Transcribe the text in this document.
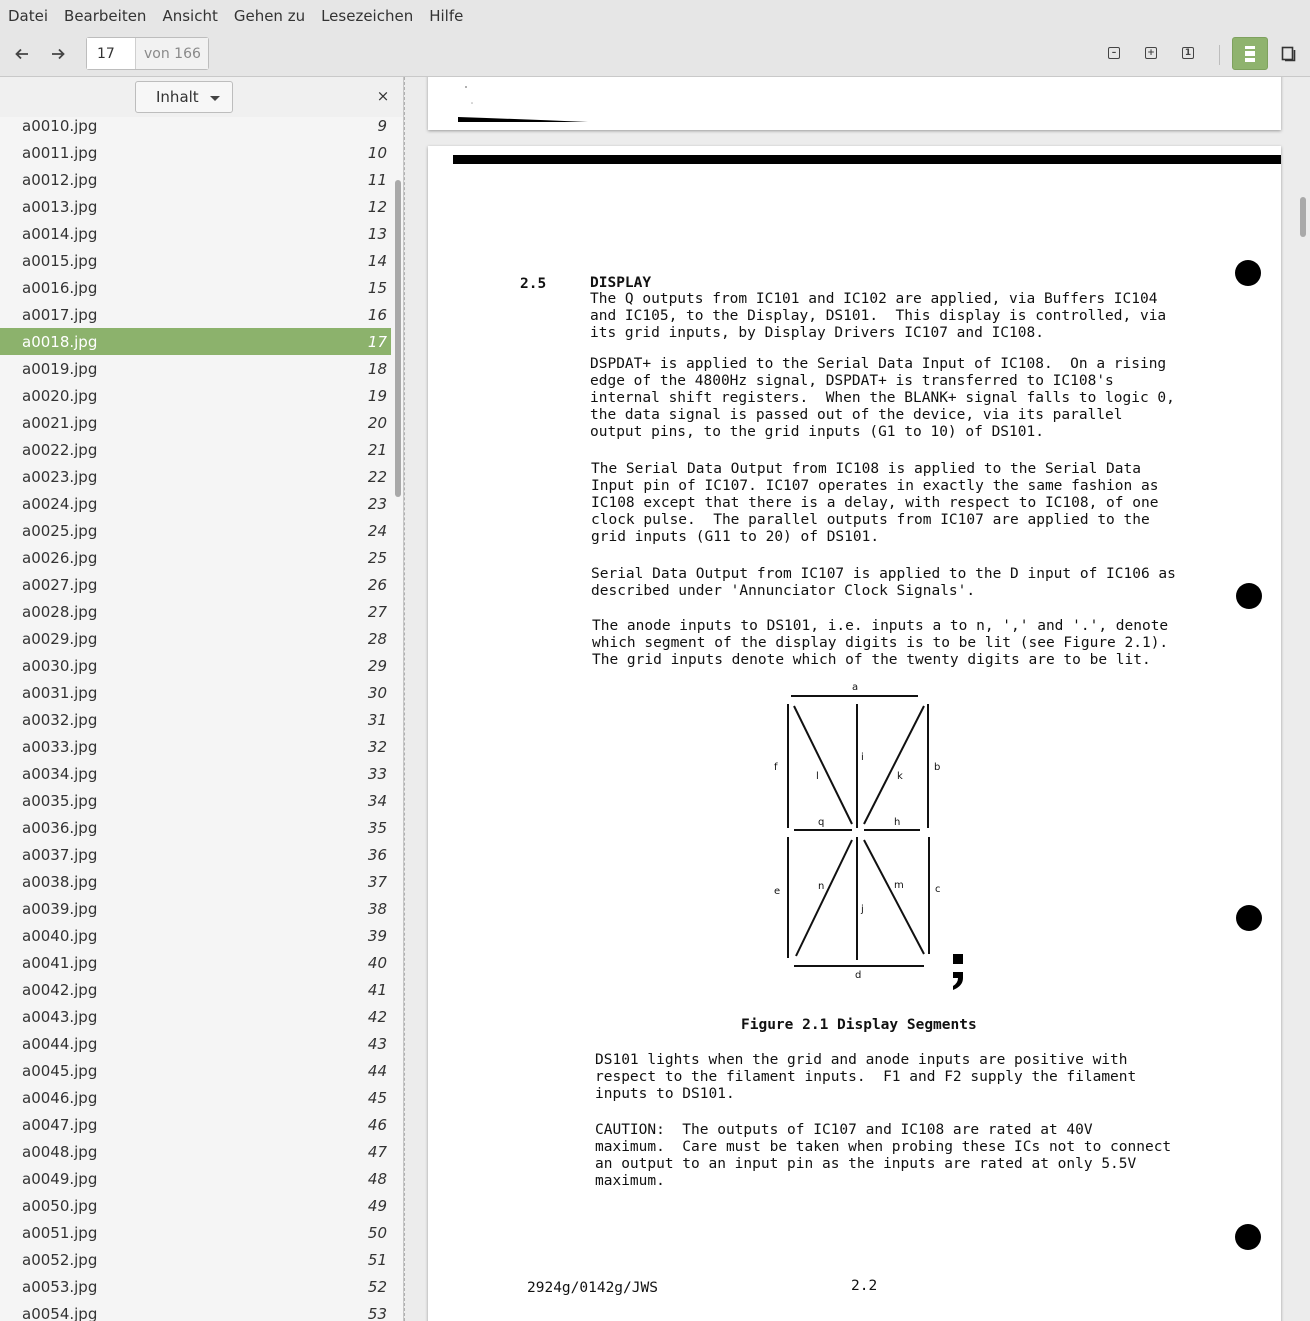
Datei	Bearbeiten	Ansicht	Gehen zu	Lesezeichen	Hilfe
17
von 166	–	+	1
Inhalt	×
a0010.jpg	9
a0011.jpg	10
a0012.jpg	11
a0013.jpg	12
a0014.jpg	13
a0015.jpg	14
a0016.jpg	15
a0017.jpg	16
a0018.jpg	17
a0019.jpg	18
a0020.jpg	19
a0021.jpg	20
a0022.jpg	21
a0023.jpg	22
a0024.jpg	23
a0025.jpg	24
a0026.jpg	25
a0027.jpg	26
a0028.jpg	27
a0029.jpg	28
a0030.jpg	29
a0031.jpg	30
a0032.jpg	31
a0033.jpg	32
a0034.jpg	33
a0035.jpg	34
a0036.jpg	35
a0037.jpg	36
a0038.jpg	37
a0039.jpg	38
a0040.jpg	39
a0041.jpg	40
a0042.jpg	41
a0043.jpg	42
a0044.jpg	43
a0045.jpg	44
a0046.jpg	45
a0047.jpg	46
a0048.jpg	47
a0049.jpg	48
a0050.jpg	49
a0051.jpg	50
a0052.jpg	51
a0053.jpg	52
a0054.jpg	53
2.5	DISPLAY
The Q outputs from IC101 and IC102 are applied, via Buffers IC104
and IC105, to the Display, DS101.  This display is controlled, via
its grid inputs, by Display Drivers IC107 and IC108.
DSPDAT+ is applied to the Serial Data Input of IC108.  On a rising
edge of the 4800Hz signal, DSPDAT+ is transferred to IC108's
internal shift registers.  When the BLANK+ signal falls to logic 0,
the data signal is passed out of the device, via its parallel
output pins, to the grid inputs (G1 to 10) of DS101.
The Serial Data Output from IC108 is applied to the Serial Data
Input pin of IC107. IC107 operates in exactly the same fashion as
IC108 except that there is a delay, with respect to IC108, of one
clock pulse.  The parallel outputs from IC107 are applied to the
grid inputs (G11 to 20) of DS101.
Serial Data Output from IC107 is applied to the D input of IC106 as
described under 'Annunciator Clock Signals'.
The anode inputs to DS101, i.e. inputs a to n, ',' and '.', denote
which segment of the display digits is to be lit (see Figure 2.1).
The grid inputs denote which of the twenty digits are to be lit.
a
b
c
d
e
f
h
i
j
k
l
m
n
q
Figure 2.1 Display Segments
DS101 lights when the grid and anode inputs are positive with
respect to the filament inputs.  F1 and F2 supply the filament
inputs to DS101.
CAUTION:  The outputs of IC107 and IC108 are rated at 40V
maximum.  Care must be taken when probing these ICs not to connect
an output to an input pin as the inputs are rated at only 5.5V
maximum.
2924g/0142g/JWS	2.2
